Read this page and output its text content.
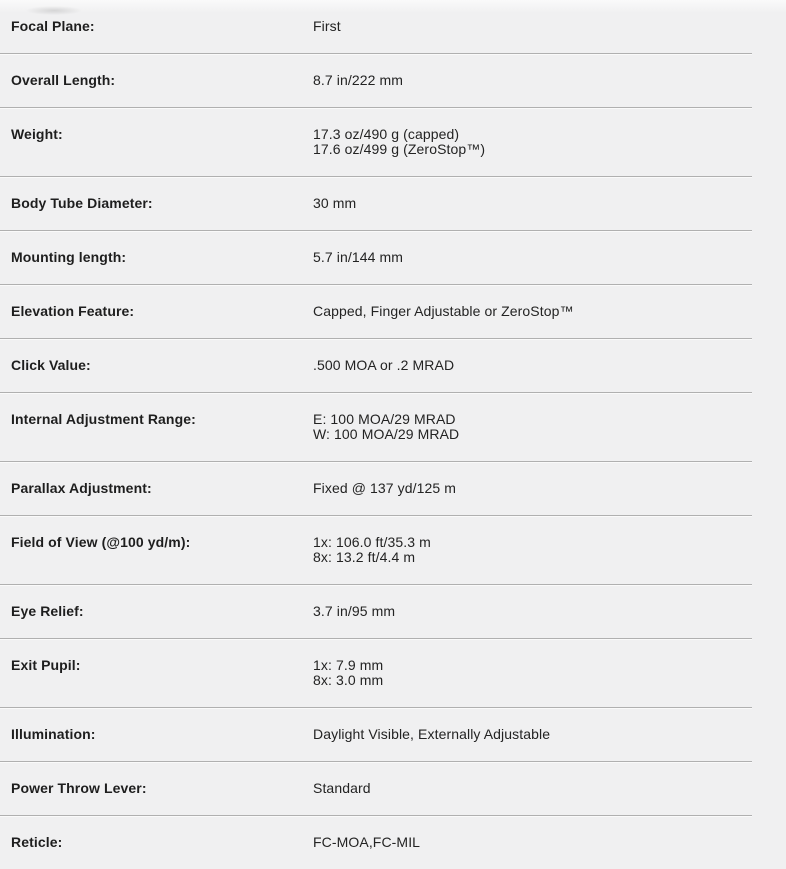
Focal Plane:	First
Overall Length:	8.7 in/222 mm
Weight:	17.3 oz/490 g (capped)
17.6 oz/499 g (ZeroStop™)
Body Tube Diameter:	30 mm
Mounting length:	5.7 in/144 mm
Elevation Feature:	Capped, Finger Adjustable or ZeroStop™
Click Value:	.500 MOA or .2 MRAD
Internal Adjustment Range:	E: 100 MOA/29 MRAD
W: 100 MOA/29 MRAD
Parallax Adjustment:	Fixed @ 137 yd/125 m
Field of View (@100 yd/m):	1x: 106.0 ft/35.3 m
8x: 13.2 ft/4.4 m
Eye Relief:	3.7 in/95 mm
Exit Pupil:	1x: 7.9 mm
8x: 3.0 mm
Illumination:	Daylight Visible, Externally Adjustable
Power Throw Lever:	Standard
Reticle:	FC-MOA,FC-MIL
